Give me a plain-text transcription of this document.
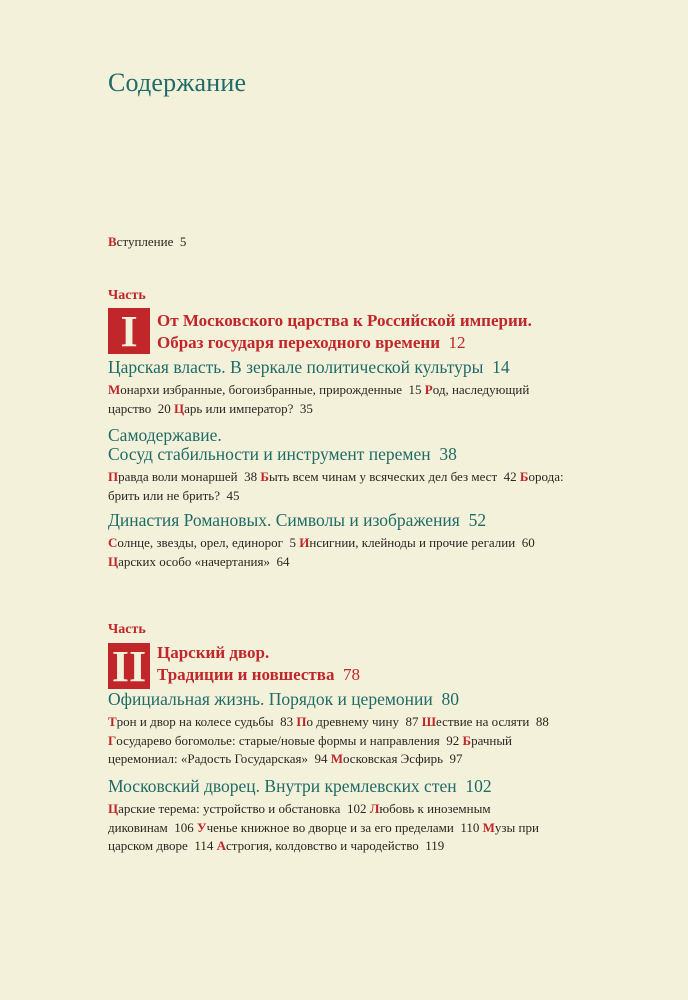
Содержание
Вступление 5
Часть
I	От Московского царства к Российской империи.
Образ государя переходного времени 12
Царская власть. В зеркале политической культуры 14

Монархи избранные, богоизбранные, прирожденные 15 Род, наследующий царство 20 Царь или император? 35

Самодержавие.
Сосуд стабильности и инструмент перемен 38

Правда воли монаршей 38 Быть всем чинам у всяческих дел без мест 42 Борода: брить или не брить? 45

Династия Романовых. Символы и изображения 52

Солнце, звезды, орел, единорог 5 Инсигнии, клейноды и прочие регалии 60 Царских особо «начертания» 64

Часть
II Царский двор.
Традиции и новшества 78
Официальная жизнь. Порядок и церемонии 80

Трон и двор на колесе судьбы 83 По древнему чину 87 Шествие на осляти 88 Государево богомолье: старые/новые формы и направления 92 Брачный церемониал: «Радость Государская» 94 Московская Эсфирь 97

Московский дворец. Внутри кремлевских стен 102

Царские терема: устройство и обстановка 102 Любовь к иноземным диковинам 106 Ученье книжное во дворце и за его пределами 110 Музы при царском дворе 114 Астрогия, колдовство и чародейство 119
